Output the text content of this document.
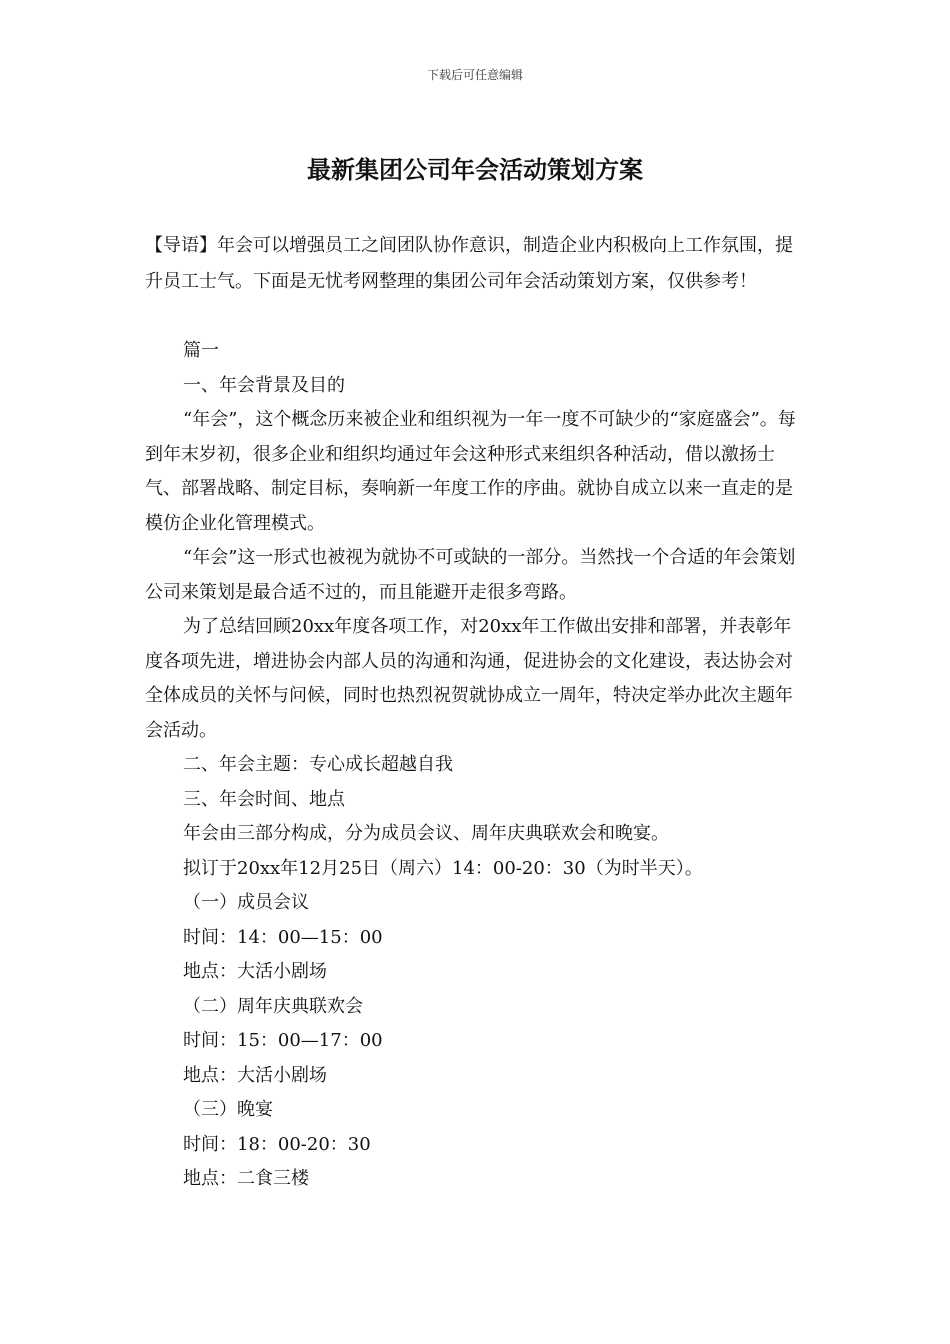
下载后可任意编辑
最新集团公司年会活动策划方案

【导语】年会可以增强员工之间团队协作意识，制造企业内积极向上工作氛围，提升员工士气。下面是无忧考网整理的集团公司年会活动策划方案，仅供参考！

篇一

一、年会背景及目的

“年会”，这个概念历来被企业和组织视为一年一度不可缺少的“家庭盛会”。每到年末岁初，很多企业和组织均通过年会这种形式来组织各种活动，借以激扬士气、部署战略、制定目标，奏响新一年度工作的序曲。就协自成立以来一直走的是模仿企业化管理模式。

“年会”这一形式也被视为就协不可或缺的一部分。当然找一个合适的年会策划公司来策划是最合适不过的，而且能避开走很多弯路。

为了总结回顾20xx年度各项工作，对20xx年工作做出安排和部署，并表彰年度各项先进，增进协会内部人员的沟通和沟通，促进协会的文化建设，表达协会对全体成员的关怀与问候，同时也热烈祝贺就协成立一周年，特决定举办此次主题年会活动。

二、年会主题：专心成长超越自我

三、年会时间、地点

年会由三部分构成，分为成员会议、周年庆典联欢会和晚宴。

拟订于20xx年12月25日（周六）14：00-20：30（为时半天）。

（一）成员会议

时间：14：00—15：00

地点：大活小剧场

（二）周年庆典联欢会

时间：15：00—17：00

地点：大活小剧场

（三）晚宴

时间：18：00-20：30

地点：二食三楼
